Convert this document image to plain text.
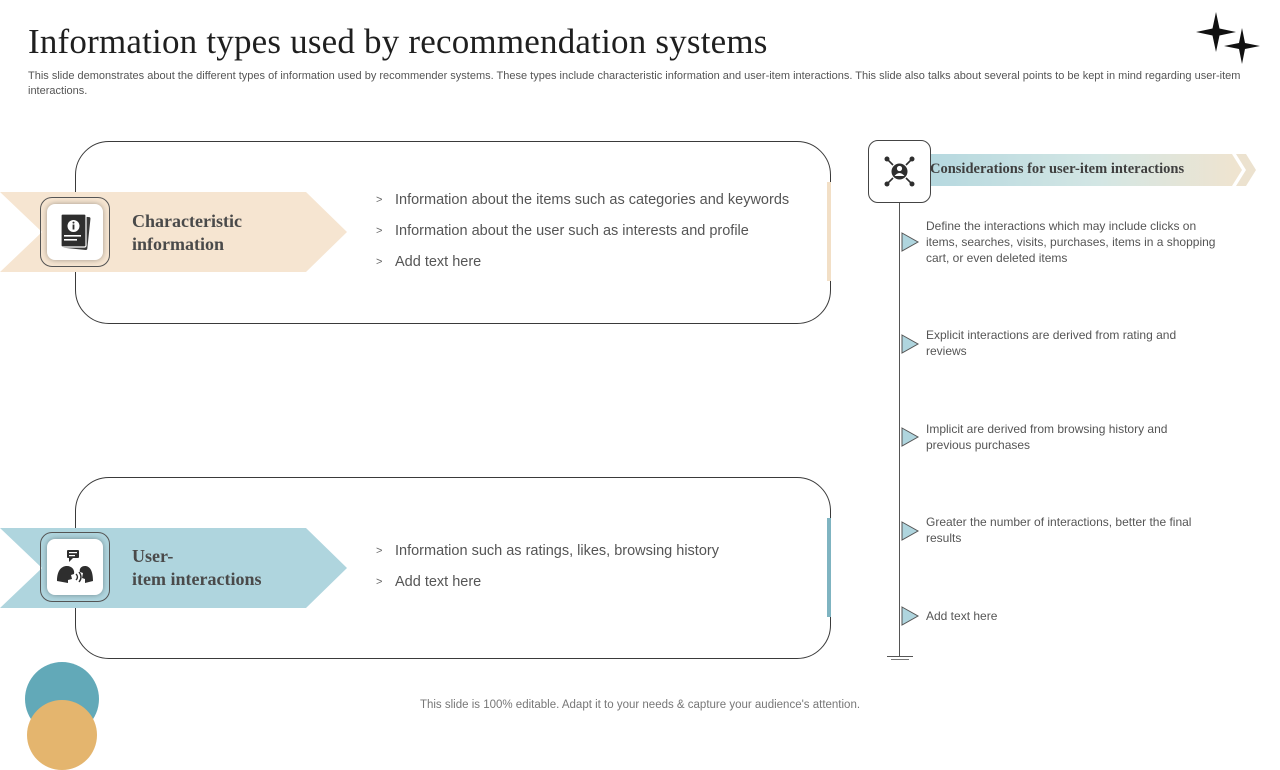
Information types used by recommendation systems
This slide demonstrates about the different types of information used by recommender systems. These types include characteristic information and user-item interactions. This slide also talks about several points to be kept in mind regarding user-item interactions.
Characteristic
information
> Information about the items such as categories and keywords
> Information about the user such as interests and profile
> Add text here
User-
item interactions
> Information such as ratings, likes, browsing history
> Add text here
Considerations for user-item interactions
Define the interactions which may include clicks on items, searches, visits, purchases, items in a shopping cart, or even deleted items
Explicit interactions are derived from rating and reviews
Implicit are derived from browsing history and previous purchases
Greater the number of interactions, better the final results
Add text here
This slide is 100% editable. Adapt it to your needs & capture your audience's attention.
